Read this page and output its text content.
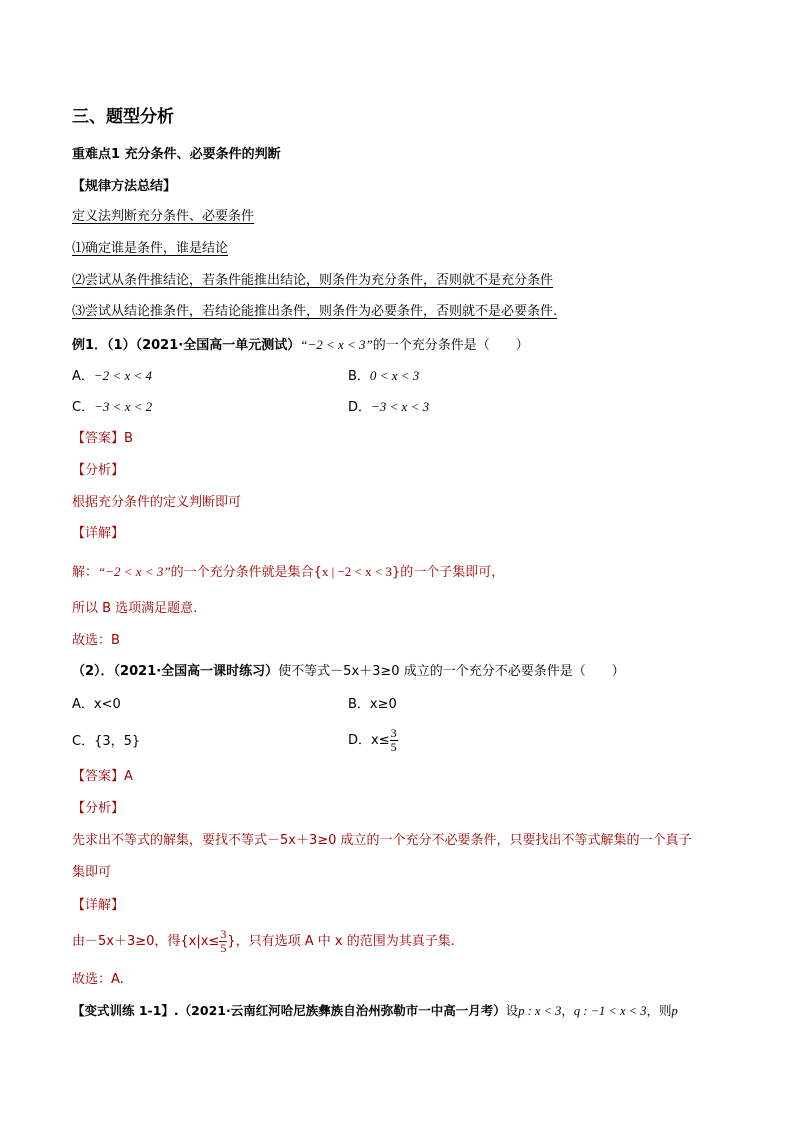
三、题型分析
重难点1 充分条件、必要条件的判断
【规律方法总结】
定义法判断充分条件、必要条件
⑴确定谁是条件，谁是结论
⑵尝试从条件推结论，若条件能推出结论，则条件为充分条件，否则就不是充分条件
⑶尝试从结论推条件，若结论能推出条件，则条件为必要条件，否则就不是必要条件.
例1．（1）（2021·全国高一单元测试）“−2 < x < 3”的一个充分条件是（　　）
A．−2 < x < 4	B．0 < x < 3
C．−3 < x < 2	D．−3 < x < 3
【答案】B
【分析】
根据充分条件的定义判断即可
【详解】
解：“−2 < x < 3”的一个充分条件就是集合{x | −2 < x < 3}的一个子集即可，
所以 B 选项满足题意.
故选：B
（2）．（2021·全国高一课时练习）使不等式－5x＋3≥0 成立的一个充分不必要条件是（　　）
A．x<0	B．x≥0
C．{3，5}	D．$x\le \frac{3}{5}$
【答案】A
【分析】
先求出不等式的解集，要找不等式－5x＋3≥0 成立的一个充分不必要条件，只要找出不等式解集的一个真子
集即可
【详解】
由－5x＋3≥0，得{$x|x\le \frac{3}{5}$ }，只有选项 A 中 x 的范围为其真子集.
故选：A.
【变式训练 1-1】.（2021·云南红河哈尼族彝族自治州弥勒市一中高一月考）设p : x < 3，q : −1 < x < 3，则p
